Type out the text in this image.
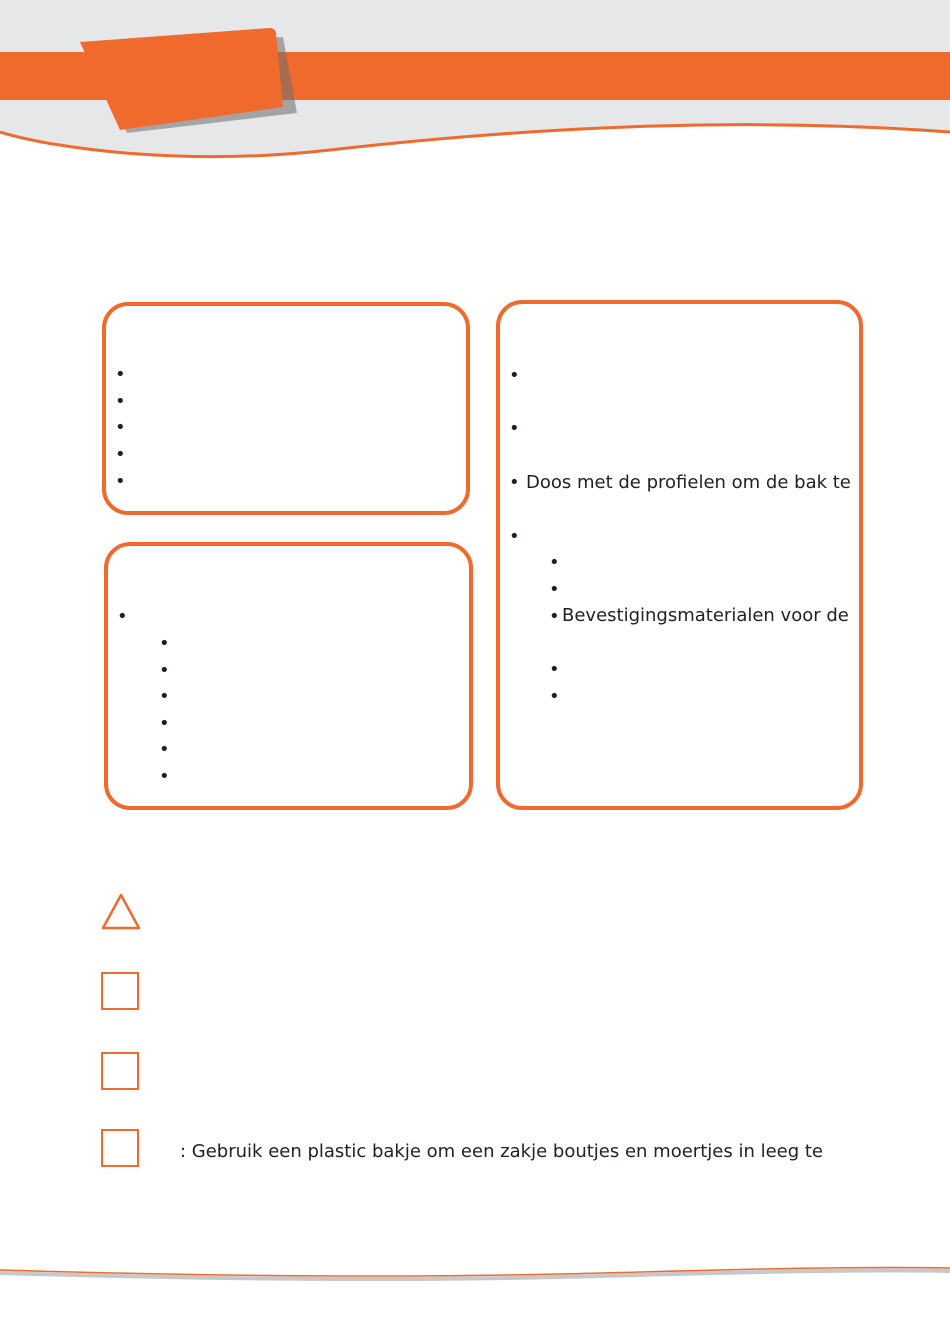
•
•
•
•
•
•
•
•
•
•
•
•
•
•
• Doos met de profielen om de bak te
•
•
•
• Bevestigingsmaterialen voor de
•
•
: Gebruik een plastic bakje om een zakje boutjes en moertjes in leeg te
